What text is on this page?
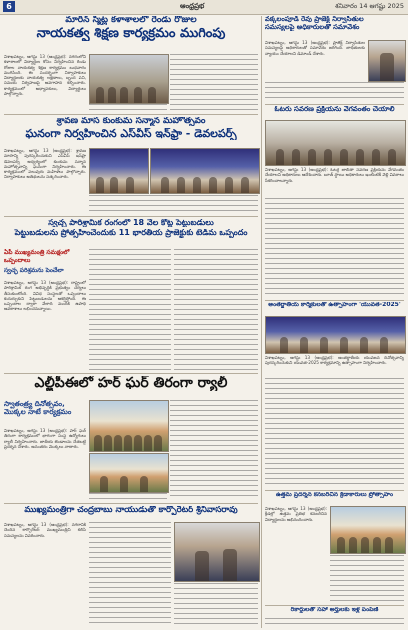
6	ఆంధ్రప్రభ	శనివారం 14 ఆగష్టు 2025
మారిన్ స్మిట్ల కళాశాలలో రెండు రోజుల
నాయకత్వ శిక్షణ కార్యక్రమం ముగింపు
విశాఖపట్నం, ఆగస్టు 13 (ఆంధ్రప్రభ): నగరంలోని కళాశాలలో విద్యార్థుల కోసం నిర్వహించిన రెండు రోజుల నాయకత్వ శిక్షణ కార్యక్రమం బుధవారం ముగిసింది. ఈ సందర్భంగా నిర్వాహకులు విద్యార్థులకు నాయకత్వ లక్షణాలు, బృంద పని, సమయ నిర్వహణపై అవగాహన కల్పించారు. కార్యక్రమంలో అధ్యాపకులు, విద్యార్థులు పాల్గొన్నారు.
శ్రావణ మాస కుంకుమ సన్మాన మహోత్సవం
ఘనంగా నిర్వహించిన ఎస్‌వీస్ ఇన్‌ఫ్రా - డెవలపర్స్
విశాఖపట్నం, ఆగస్టు 13 (ఆంధ్రప్రభ): శ్రావణ మాసాన్ని పురస్కరించుకుని ఎస్‌వీస్ ఇన్‌ఫ్రా డెవలపర్స్ ఆధ్వర్యంలో కుంకుమ సన్మాన మహోత్సవాన్ని ఘనంగా నిర్వహించారు. ఈ కార్యక్రమంలో పలువురు మహిళలు పాల్గొన్నారు. నిర్వాహకులు అతిథులను సత్కరించారు.
స్వచ్ఛ పారిశ్రామిక రంగంలో 18 వేల కోట్ల పెట్టుబడులు
పెట్టుబడులను ప్రోత్సహించేందుకు 11 భారతీయ ప్రాజెక్టుకు టెడీమ ఒప్పందం
ఏపీ ముఖ్యమంత్రి సమక్షంలో ఒప్పందాలు
స్వచ్ఛ పరిశ్రమను పెంచేలా
విశాఖపట్నం, ఆగస్టు 13 (ఆంధ్రప్రభ): రాష్ట్రంలో పారిశ్రామిక రంగ అభివృద్ధికి ప్రభుత్వం చర్యలు తీసుకుంటోంది. వివిధ సంస్థలతో ఒప్పందాలు కుదుర్చుకుని పెట్టుబడులను ఆకర్షిస్తోంది. ఈ ఒప్పందాల ద్వారా వేలాది మందికి ఉపాధి అవకాశాలు లభించనున్నాయి.
ఎల్జీపీఈలో హర్ ఘర్ తిరంగా ర్యాలీ
స్వాతంత్ర్య దినోత్సవం,
మొక్కల నాటే కార్యక్రమం
విశాఖపట్నం, ఆగస్టు 13 (ఆంధ్రప్రభ): హర్ ఘర్ తిరంగా కార్యక్రమంలో భాగంగా సంస్థ ఉద్యోగులు ర్యాలీ నిర్వహించారు. జాతీయ జెండాలను చేతబట్టి ప్రదర్శన చేశారు. అనంతరం మొక్కలు నాటారు.
ముఖ్యమంత్రిగా చంద్రబాబు నాయుడుతో కార్పొరేటర్ శ్రీనివాసరావు
విశాఖపట్నం, ఆగస్టు 13 (ఆంధ్రప్రభ): నగరానికి చెందిన కార్పొరేటర్ ముఖ్యమంత్రిని కలిసి సమస్యలను వివరించారు.
వక్కలంపూడి రేవు ప్రాజెక్ట్ నిర్వాసితుల
సమస్యలపై అధికారులతో సమావేశం
విశాఖపట్నం, ఆగస్టు 13 (ఆంధ్రప్రభ): ప్రాజెక్ట్ నిర్వాసితుల సమస్యలపై అధికారులతో సమావేశం జరిగింది. బాధితులకు న్యాయం చేయాలని డిమాండ్ చేశారు.
ఓటరు సవరణ ప్రక్రియను వేగవంతం చేయాలి
విశాఖపట్నం, ఆగస్టు 13 (ఆంధ్రప్రభ): ఓటర్ల జాబితా సవరణ ప్రక్రియను వేగవంతం చేయాలని అధికారులు ఆదేశించారు. బూత్ స్థాయి అధికారులు ఇంటింటికీ వెళ్లి వివరాలు సేకరించాలన్నారు.
అంతర్జాతీయ కార్మికులతో ఉత్సాహంగా 'యువత-2025'
విశాఖపట్నం, ఆగస్టు 13 (ఆంధ్రప్రభ): అంతర్జాతీయ యువజన దినోత్సవాన్ని పురస్కరించుకుని యువత-2025 కార్యక్రమాన్ని ఉత్సాహంగా నిర్వహించారు.
ఉత్తమ ప్రదర్శన కనబరిచిన క్రీడాకారులు ప్రోత్సాహం
విశాఖపట్నం, ఆగస్టు 13 (ఆంధ్రప్రభ): క్రీడల్లో ఉత్తమ ప్రతిభ కనబరిచిన విద్యార్థులను అభినందించారు.
రికార్డులతో సహా అర్హులకు ఇళ్ల పంపిణీ
